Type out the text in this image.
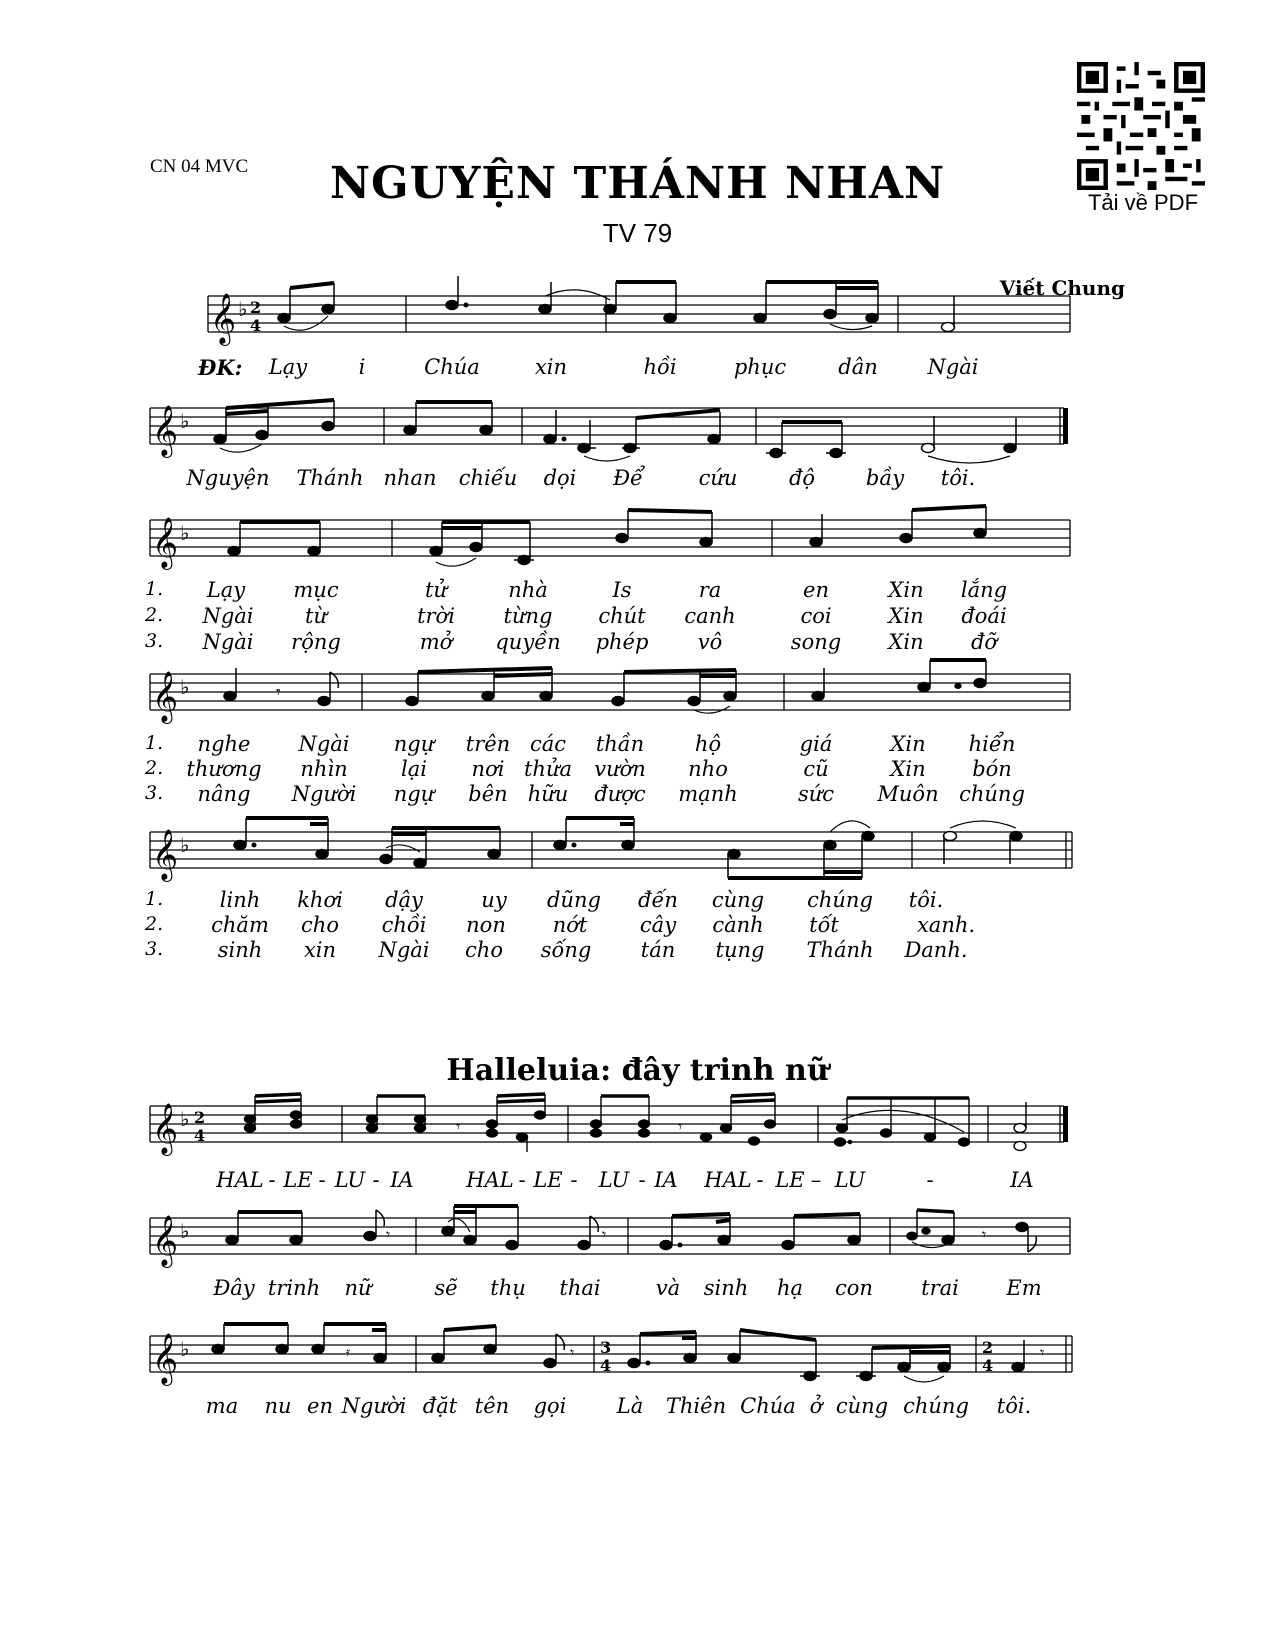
CN 04 MVC	NGUYỆN THÁNH NHAN
TV 79
Viết Chung
Tải về PDF
𝄞 ♭ 2
4
ĐK: Lạy i	Chúa	xin	hồi	phục dân Ngài
𝄞 ♭
Nguyện Thánh nhan chiếu dọi Để	cứu độ bầy tôi.
𝄞 ♭
1. Lạy mục	tử	nhà	Is	ra	en	Xin lắng
2. Ngài từ	trời từng chút canh	coi	Xin đoái
3. Ngài rộng	mở quyền phép vô	song Xin đỡ
𝄞 ♭	𝄾
1. nghe Ngài ngự trên các thần hộ	giá	Xin hiển
2. thương nhìn	lại nơi thửa vườn nho	cũ	Xin bón
3. nâng Người ngự bên hữu được mạnh	sức Muôn chúng
𝄞 ♭
1.	linh khơi dậy	uy dũng đến cùng chúng tôi.
2. chăm cho chồi non nớt	cây cành tốt	xanh.
3.	sinh xin Ngài cho sống tán tụng Thánh Danh.
Halleluia: đây trinh nữ
𝄞 ♭ 2
4	𝄾	𝄾
HAL - LE - LU - IA	HAL - LE - LU - IA HAL - LE – LU	-	IA
𝄞 ♭	𝄾	𝄾	𝄾
Đây trinh nữ	sẽ thụ thai	và sinh hạ con trai Em
𝄞 ♭	3
4
2
4
𝄿	𝄾	𝄾
ma nu en Người đặt tên gọi Là Thiên Chúa ở cùng chúng tôi.
